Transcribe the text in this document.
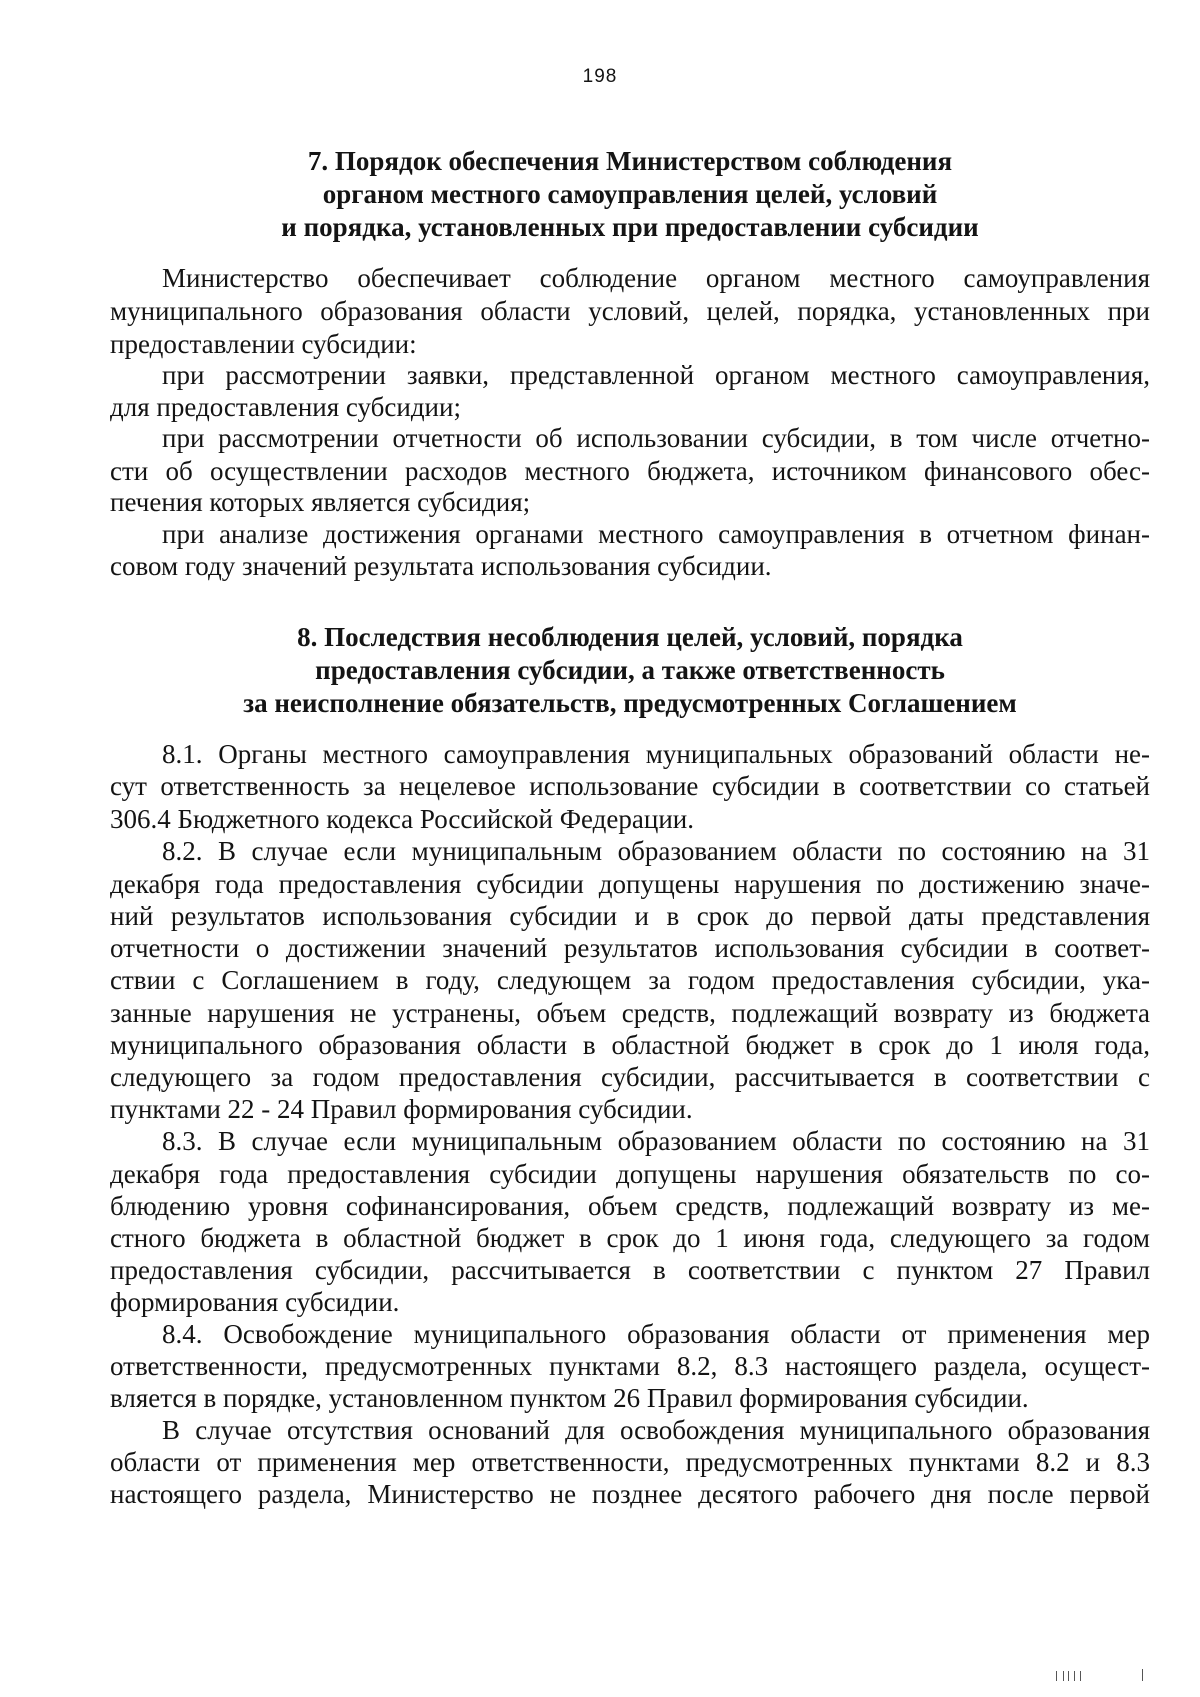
198
7. Порядок обеспечения Министерством соблюдения
органом местного самоуправления целей, условий
и порядка, установленных при предоставлении субсидии
Министерство обеспечивает соблюдение органом местного самоуправления
муниципального образования области условий, целей, порядка, установленных при
предоставлении субсидии:
при рассмотрении заявки, представленной органом местного самоуправления,
для предоставления субсидии;
при рассмотрении отчетности об использовании субсидии, в том числе отчетно-
сти об осуществлении расходов местного бюджета, источником финансового обес-
печения которых является субсидия;
при анализе достижения органами местного самоуправления в отчетном финан-
совом году значений результата использования субсидии.
8. Последствия несоблюдения целей, условий, порядка
предоставления субсидии, а также ответственность
за неисполнение обязательств, предусмотренных Соглашением
8.1. Органы местного самоуправления муниципальных образований области не-
сут ответственность за нецелевое использование субсидии в соответствии со статьей
306.4 Бюджетного кодекса Российской Федерации.
8.2. В случае если муниципальным образованием области по состоянию на 31
декабря года предоставления субсидии допущены нарушения по достижению значе-
ний результатов использования субсидии и в срок до первой даты представления
отчетности о достижении значений результатов использования субсидии в соответ-
ствии с Соглашением в году, следующем за годом предоставления субсидии, ука-
занные нарушения не устранены, объем средств, подлежащий возврату из бюджета
муниципального образования области в областной бюджет в срок до 1 июля года,
следующего за годом предоставления субсидии, рассчитывается в соответствии с
пунктами 22 - 24 Правил формирования субсидии.
8.3. В случае если муниципальным образованием области по состоянию на 31
декабря года предоставления субсидии допущены нарушения обязательств по со-
блюдению уровня софинансирования, объем средств, подлежащий возврату из ме-
стного бюджета в областной бюджет в срок до 1 июня года, следующего за годом
предоставления субсидии, рассчитывается в соответствии с пунктом 27 Правил
формирования субсидии.
8.4. Освобождение муниципального образования области от применения мер
ответственности, предусмотренных пунктами 8.2, 8.3 настоящего раздела, осущест-
вляется в порядке, установленном пунктом 26 Правил формирования субсидии.
В случае отсутствия оснований для освобождения муниципального образования
области от применения мер ответственности, предусмотренных пунктами 8.2 и 8.3
настоящего раздела, Министерство не позднее десятого рабочего дня после первой
